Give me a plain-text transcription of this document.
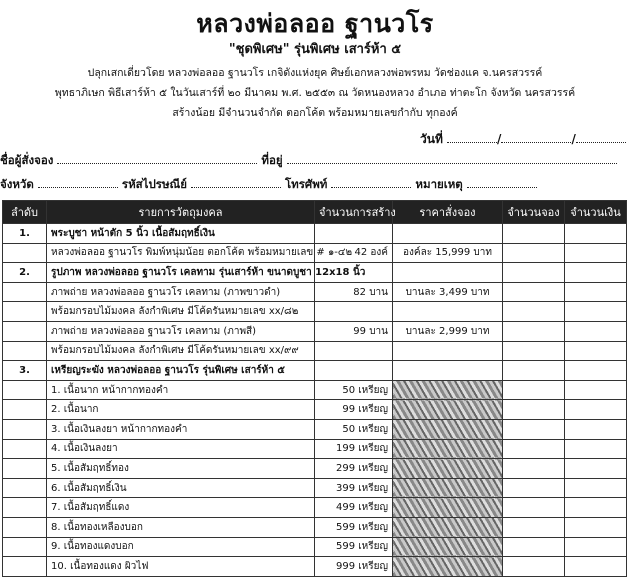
หลวงพ่อลออ ฐานวโร
"ชุดพิเศษ" รุ่นพิเศษ เสาร์ห้า ๕
ปลุกเสกเดี่ยวโดย หลวงพ่อลออ ฐานวโร เกจิดังแห่งยุค ศิษย์เอกหลวงพ่อพรหม วัดช่องแค จ.นครสวรรค์
พุทธาภิเษก พิธีเสาร์ห้า ๕ ในวันเสาร์ที่ ๒๐ มีนาคม พ.ศ. ๒๕๕๓ ณ วัดหนองหลวง อำเภอ ท่าตะโก จังหวัด นครสวรรค์
สร้างน้อย มีจำนวนจำกัด ตอกโค้ต พร้อมหมายเลขกำกับ ทุกองค์
วันที่	/	/
ชื่อผู้สั่งจอง	ที่อยู่
จังหวัด	รหัสไปรษณีย์	โทรศัพท์	หมายเหตุ
ลำดับ	รายการวัตถุมงคล	จำนวนการสร้าง	ราคาสั่งจอง	จำนวนจอง	จำนวนเงิน
1.	พระบูชา หน้าตัก 5 นิ้ว เนื้อสัมฤทธิ์เงิน				
	หลวงพ่อลออ ฐานวโร พิมพ์หนุ่มน้อย ตอกโค้ต พร้อมหมายเลข # ๑-๔๒	42 องค์	องค์ละ 15,999 บาท		
2.	รูปภาพ หลวงพ่อลออ ฐานวโร เคลทาม รุ่นเสาร์ห้า ขนาดบูชา 12x18 นิ้ว				
	ภาพถ่าย หลวงพ่อลออ ฐานวโร เคลทาม (ภาพขาวดำ)	82 บาน	บานละ 3,499 บาท		
	พร้อมกรอบไม้มงคล ลังกำพิเศษ มีโค้ดรันหมายเลข xx/๘๒				
	ภาพถ่าย หลวงพ่อลออ ฐานวโร เคลทาม (ภาพสี)	99 บาน	บานละ 2,999 บาท		
	พร้อมกรอบไม้มงคล ลังกำพิเศษ มีโค้ดรันหมายเลข xx/๙๙				
3.	เหรียญระฆัง หลวงพ่อลออ ฐานวโร รุ่นพิเศษ เสาร์ห้า ๕				
	1. เนื้อนาก หน้ากากทองคำ	50 เหรียญ			
	2. เนื้อนาก	99 เหรียญ			
	3. เนื้อเงินลงยา หน้ากากทองคำ	50 เหรียญ			
	4. เนื้อเงินลงยา	199 เหรียญ			
	5. เนื้อสัมฤทธิ์ทอง	299 เหรียญ			
	6. เนื้อสัมฤทธิ์เงิน	399 เหรียญ			
	7. เนื้อสัมฤทธิ์แดง	499 เหรียญ			
	8. เนื้อทองเหลืองบอก	599 เหรียญ			
	9. เนื้อทองแดงบอก	599 เหรียญ			
	10. เนื้อทองแดง ผิวไฟ	999 เหรียญ			
